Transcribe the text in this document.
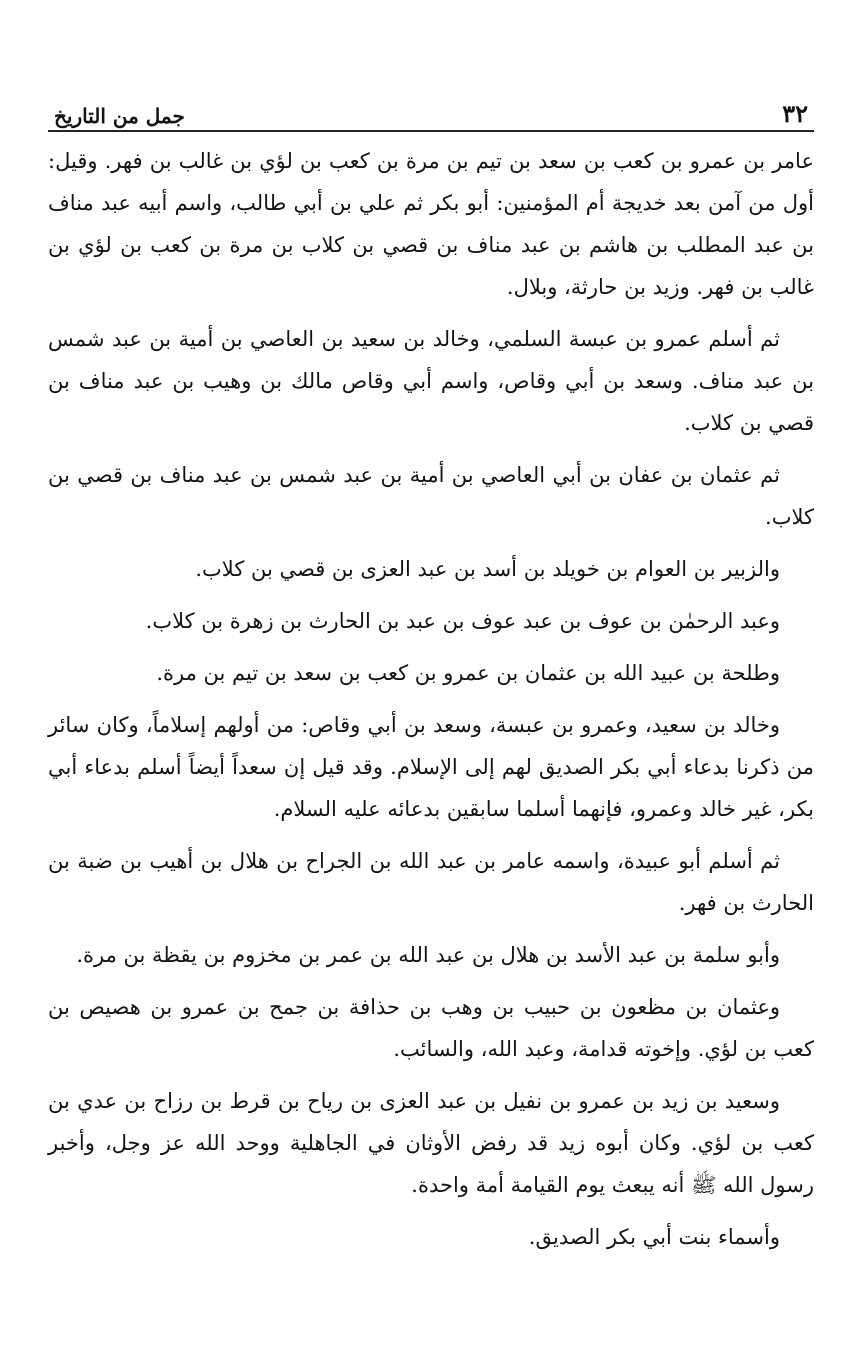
٣٢
جمل من التاريخ

عامر بن عمرو بن كعب بن سعد بن تيم بن مرة بن كعب بن لؤي بن غالب بن فهر. وقيل: أول من آمن بعد خديجة أم المؤمنين: أبو بكر ثم علي بن أبي طالب، واسم أبيه عبد مناف بن عبد المطلب بن هاشم بن عبد مناف بن قصي بن كلاب بن مرة بن كعب بن لؤي بن غالب بن فهر. وزيد بن حارثة، وبلال.

ثم أسلم عمرو بن عبسة السلمي، وخالد بن سعيد بن العاصي بن أمية بن عبد شمس بن عبد مناف. وسعد بن أبي وقاص، واسم أبي وقاص مالك بن وهيب بن عبد مناف بن قصي بن كلاب.

ثم عثمان بن عفان بن أبي العاصي بن أمية بن عبد شمس بن عبد مناف بن قصي بن كلاب.

والزبير بن العوام بن خويلد بن أسد بن عبد العزى بن قصي بن كلاب.

وعبد الرحمٰن بن عوف بن عبد عوف بن عبد بن الحارث بن زهرة بن كلاب.

وطلحة بن عبيد الله بن عثمان بن عمرو بن كعب بن سعد بن تيم بن مرة.

وخالد بن سعيد، وعمرو بن عبسة، وسعد بن أبي وقاص: من أولهم إسلاماً، وكان سائر من ذكرنا بدعاء أبي بكر الصديق لهم إلى الإسلام. وقد قيل إن سعداً أيضاً أسلم بدعاء أبي بكر، غير خالد وعمرو، فإنهما أسلما سابقين بدعائه عليه السلام.

ثم أسلم أبو عبيدة، واسمه عامر بن عبد الله بن الجراح بن هلال بن أهيب بن ضبة بن الحارث بن فهر.

وأبو سلمة بن عبد الأسد بن هلال بن عبد الله بن عمر بن مخزوم بن يقظة بن مرة.

وعثمان بن مظعون بن حبيب بن وهب بن حذافة بن جمح بن عمرو بن هصيص بن كعب بن لؤي. وإخوته قدامة، وعبد الله، والسائب.

وسعيد بن زيد بن عمرو بن نفيل بن عبد العزى بن رياح بن قرط بن رزاح بن عدي بن كعب بن لؤي. وكان أبوه زيد قد رفض الأوثان في الجاهلية ووحد الله عز وجل، وأخبر رسول الله ﷺ أنه يبعث يوم القيامة أمة واحدة.

وأسماء بنت أبي بكر الصديق.
